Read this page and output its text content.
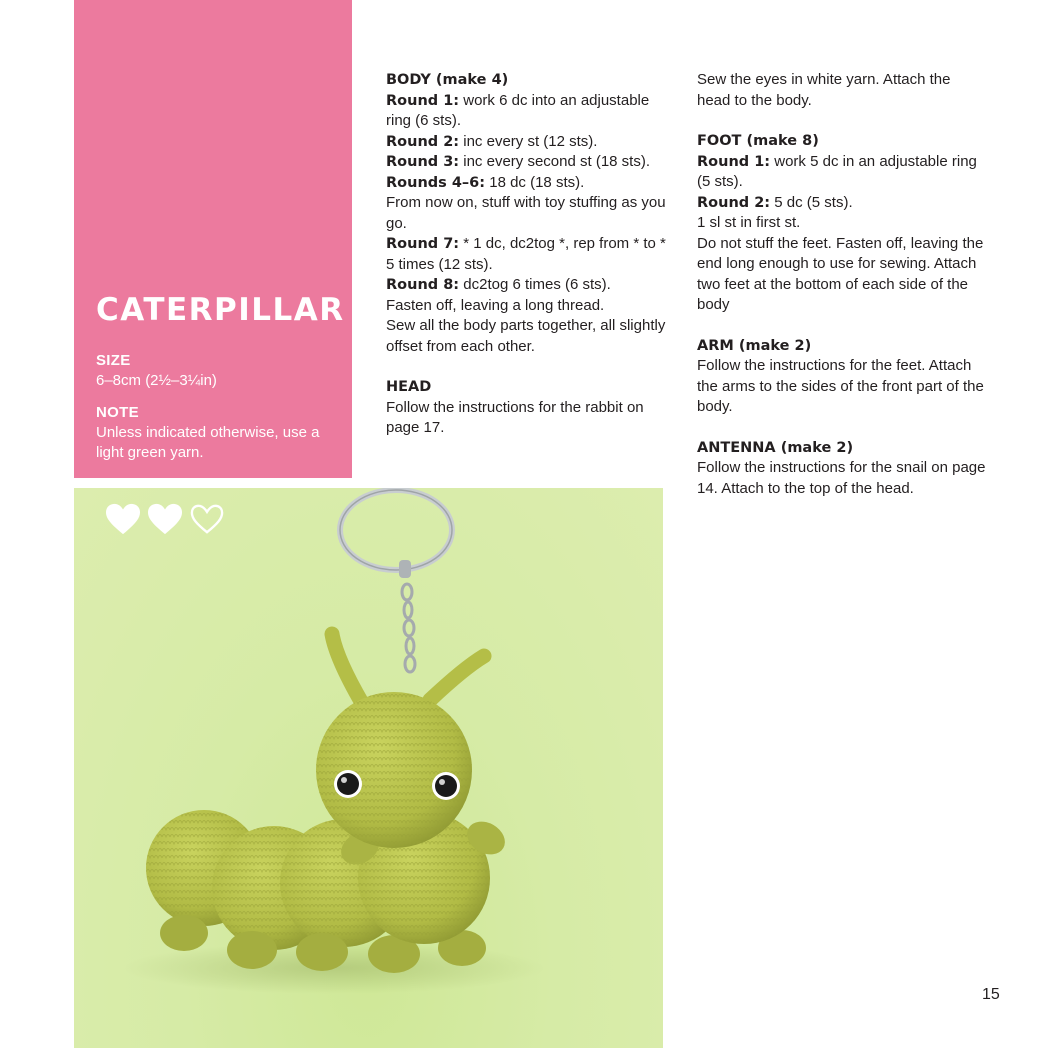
CATERPILLAR
SIZE
6–8cm (2½–3¼in)
NOTE
Unless indicated otherwise, use a light green yarn.

BODY (make 4)

Round 1: work 6 dc into an adjustable ring (6 sts).

Round 2: inc every st (12 sts).

Round 3: inc every second st (18 sts).

Rounds 4–6: 18 dc (18 sts).

From now on, stuff with toy stuffing as you go.

Round 7: * 1 dc, dc2tog *, rep from * to * 5 times (12 sts).

Round 8: dc2tog 6 times (6 sts).

Fasten off, leaving a long thread.

Sew all the body parts together, all slightly offset from each other.

HEAD

Follow the instructions for the rabbit on page 17.

Sew the eyes in white yarn. Attach the head to the body.

FOOT (make 8)

Round 1: work 5 dc in an adjustable ring (5 sts).

Round 2: 5 dc (5 sts).

1 sl st in first st.

Do not stuff the feet. Fasten off, leaving the end long enough to use for sewing. Attach two feet at the bottom of each side of the body

ARM (make 2)

Follow the instructions for the feet. Attach the arms to the sides of the front part of the body.

ANTENNA (make 2)

Follow the instructions for the snail on page 14. Attach to the top of the head.

15
